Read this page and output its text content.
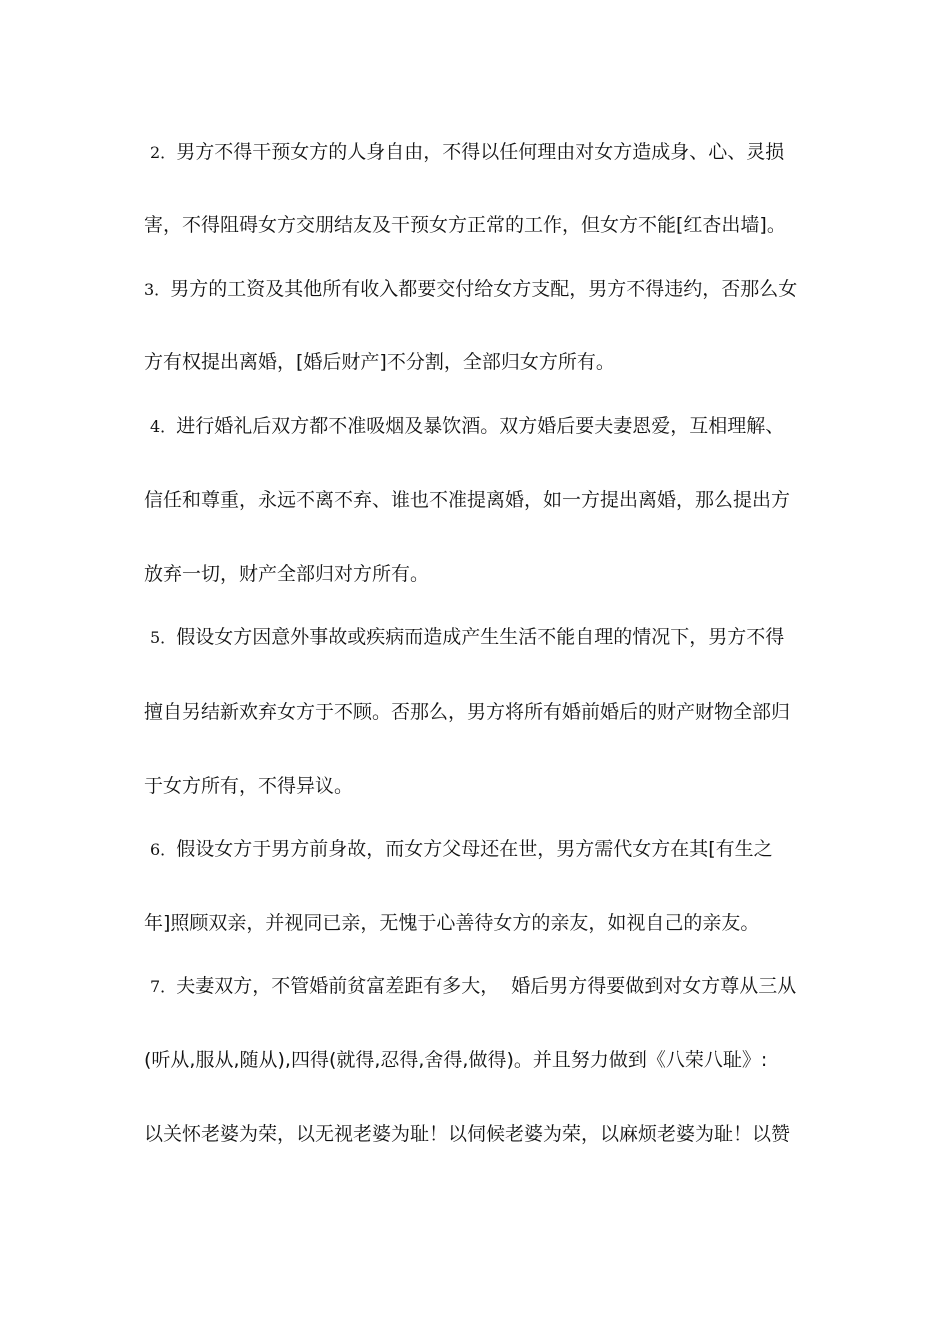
2．男方不得干预女方的人身自由，不得以任何理由对女方造成身、心、灵损
害，不得阻碍女方交朋结友及干预女方正常的工作，但女方不能[红杏出墙]。
3．男方的工资及其他所有收入都要交付给女方支配，男方不得违约，否那么女
方有权提出离婚，[婚后财产]不分割，全部归女方所有。
4．进行婚礼后双方都不准吸烟及暴饮酒。双方婚后要夫妻恩爱，互相理解、
信任和尊重，永远不离不弃、谁也不准提离婚，如一方提出离婚，那么提出方
放弃一切，财产全部归对方所有。
5．假设女方因意外事故或疾病而造成产生生活不能自理的情况下，男方不得
擅自另结新欢弃女方于不顾。否那么，男方将所有婚前婚后的财产财物全部归
于女方所有，不得异议。
6．假设女方于男方前身故，而女方父母还在世，男方需代女方在其[有生之
年]照顾双亲，并视同已亲，无愧于心善待女方的亲友，如视自己的亲友。
7．夫妻双方，不管婚前贫富差距有多大，  婚后男方得要做到对女方尊从三从
(听从,服从,随从),四得(就得,忍得,舍得,做得)。并且努力做到《八荣八耻》:
以关怀老婆为荣，以无视老婆为耻！以伺候老婆为荣，以麻烦老婆为耻！以赞
